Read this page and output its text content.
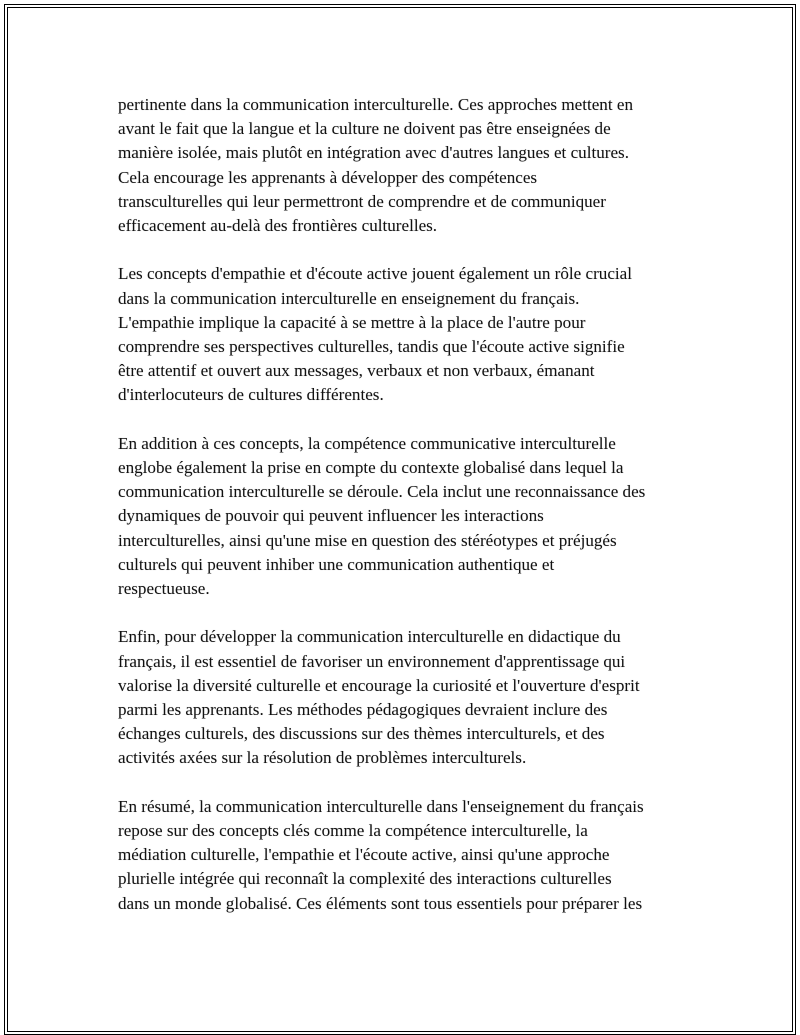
pertinente dans la communication interculturelle. Ces approches mettent en
avant le fait que la langue et la culture ne doivent pas être enseignées de
manière isolée, mais plutôt en intégration avec d'autres langues et cultures.
Cela encourage les apprenants à développer des compétences
transculturelles qui leur permettront de comprendre et de communiquer
efficacement au-delà des frontières culturelles.

Les concepts d'empathie et d'écoute active jouent également un rôle crucial
dans la communication interculturelle en enseignement du français.
L'empathie implique la capacité à se mettre à la place de l'autre pour
comprendre ses perspectives culturelles, tandis que l'écoute active signifie
être attentif et ouvert aux messages, verbaux et non verbaux, émanant
d'interlocuteurs de cultures différentes.

En addition à ces concepts, la compétence communicative interculturelle
englobe également la prise en compte du contexte globalisé dans lequel la
communication interculturelle se déroule. Cela inclut une reconnaissance des
dynamiques de pouvoir qui peuvent influencer les interactions
interculturelles, ainsi qu'une mise en question des stéréotypes et préjugés
culturels qui peuvent inhiber une communication authentique et
respectueuse.

Enfin, pour développer la communication interculturelle en didactique du
français, il est essentiel de favoriser un environnement d'apprentissage qui
valorise la diversité culturelle et encourage la curiosité et l'ouverture d'esprit
parmi les apprenants. Les méthodes pédagogiques devraient inclure des
échanges culturels, des discussions sur des thèmes interculturels, et des
activités axées sur la résolution de problèmes interculturels.

En résumé, la communication interculturelle dans l'enseignement du français
repose sur des concepts clés comme la compétence interculturelle, la
médiation culturelle, l'empathie et l'écoute active, ainsi qu'une approche
plurielle intégrée qui reconnaît la complexité des interactions culturelles
dans un monde globalisé. Ces éléments sont tous essentiels pour préparer les
